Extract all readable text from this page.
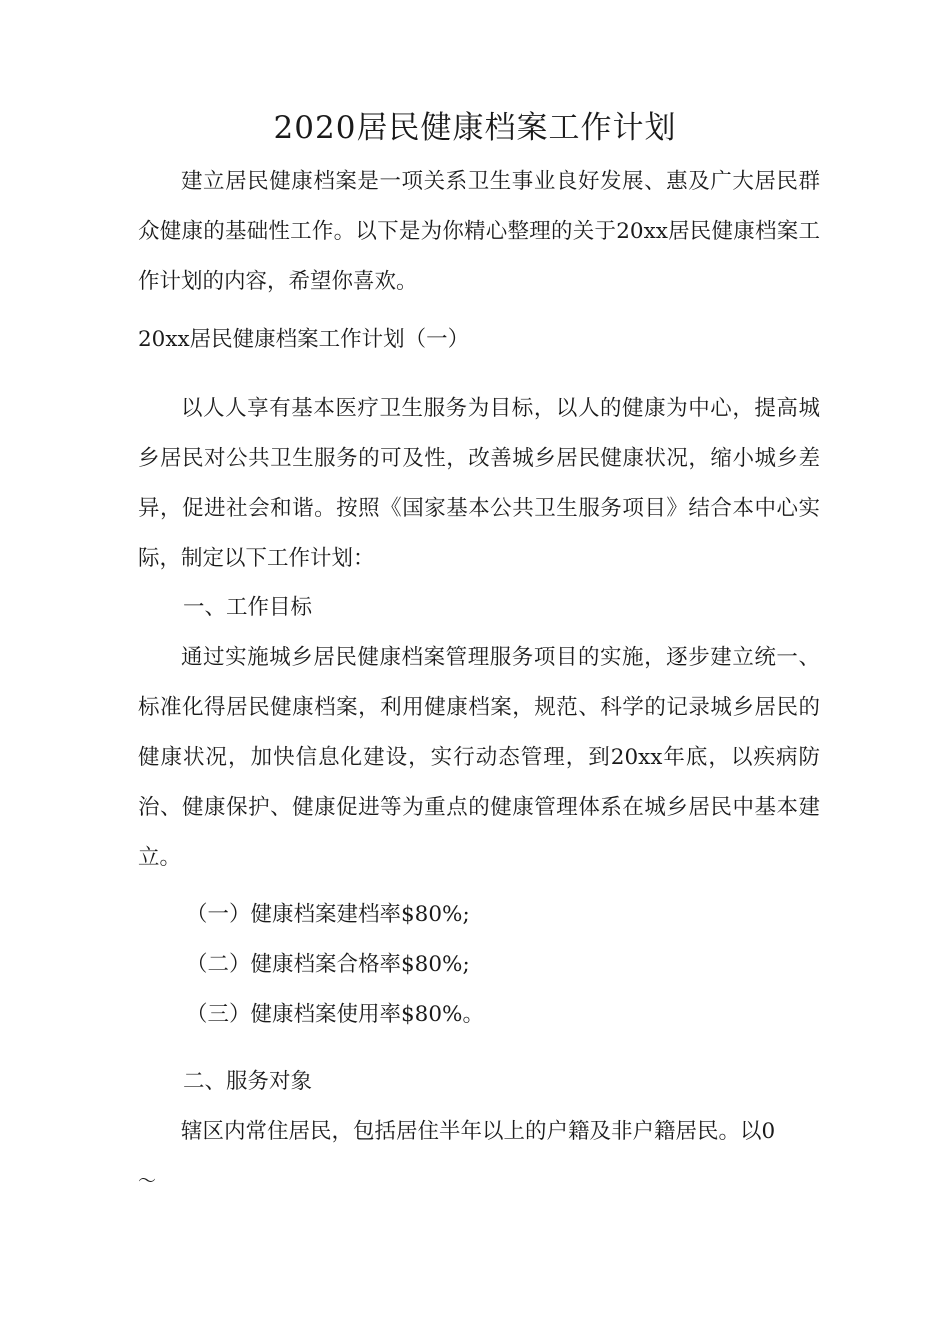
2020居民健康档案工作计划

建立居民健康档案是一项关系卫生事业良好发展、惠及广大居民群众健康的基础性工作。以下是为你精心整理的关于20xx居民健康档案工作计划的内容，希望你喜欢。

20xx居民健康档案工作计划（一）

以人人享有基本医疗卫生服务为目标，以人的健康为中心，提高城乡居民对公共卫生服务的可及性，改善城乡居民健康状况，缩小城乡差异，促进社会和谐。按照《国家基本公共卫生服务项目》结合本中心实际，制定以下工作计划：

一、工作目标

通过实施城乡居民健康档案管理服务项目的实施，逐步建立统一、标准化得居民健康档案，利用健康档案，规范、科学的记录城乡居民的健康状况，加快信息化建设，实行动态管理，到20xx年底，以疾病防治、健康保护、健康促进等为重点的健康管理体系在城乡居民中基本建立。

（一）健康档案建档率$80%;

（二）健康档案合格率$80%;

（三）健康档案使用率$80%。

二、服务对象

辖区内常住居民，包括居住半年以上的户籍及非户籍居民。以0

〜
